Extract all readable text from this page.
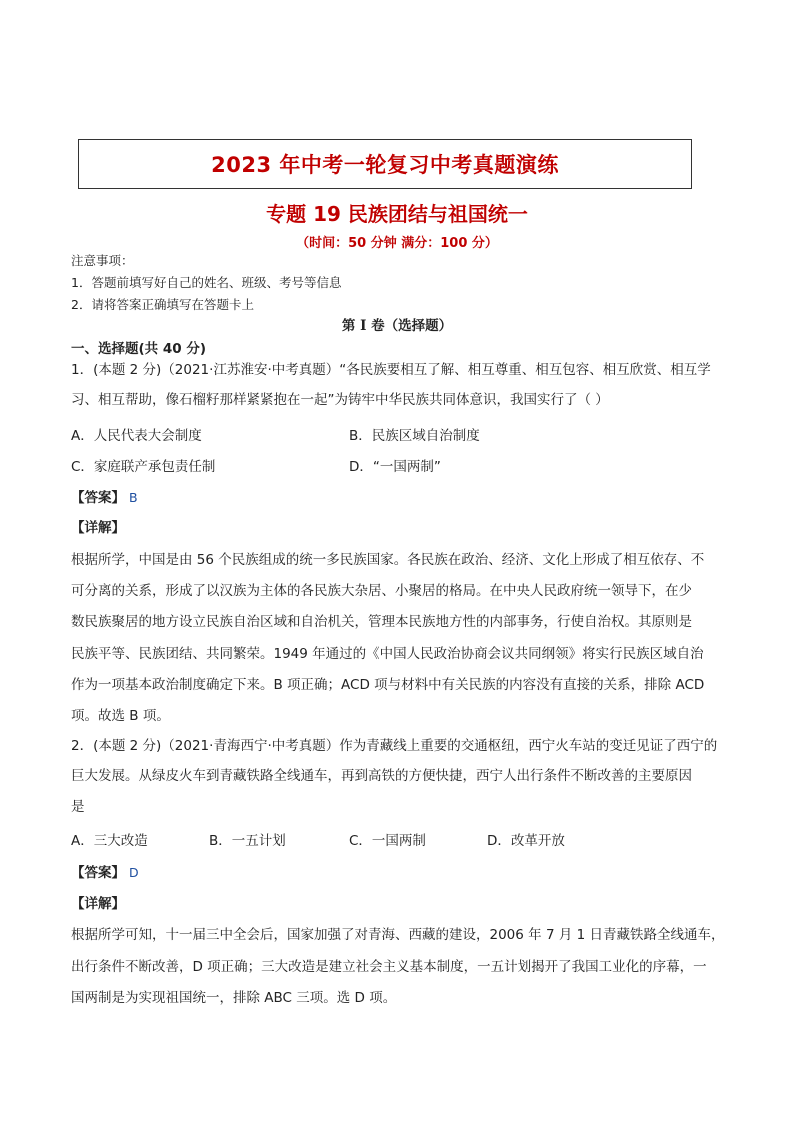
2023 年中考一轮复习中考真题演练
专题 19 民族团结与祖国统一
（时间：50 分钟 满分：100 分）
注意事项：
1．答题前填写好自己的姓名、班级、考号等信息
2．请将答案正确填写在答题卡上
第 I 卷（选择题）
一、选择题(共 40 分)
1．(本题 2 分)（2021·江苏淮安·中考真题）“各民族要相互了解、相互尊重、相互包容、相互欣赏、相互学
习、相互帮助，像石榴籽那样紧紧抱在一起”为铸牢中华民族共同体意识，我国实行了（ ）
A．人民代表大会制度	B．民族区域自治制度
C．家庭联产承包责任制	D．“一国两制”
【答案】 B
【详解】
根据所学，中国是由 56 个民族组成的统一多民族国家。各民族在政治、经济、文化上形成了相互依存、不
可分离的关系，形成了以汉族为主体的各民族大杂居、小聚居的格局。在中央人民政府统一领导下，在少
数民族聚居的地方设立民族自治区域和自治机关，管理本民族地方性的内部事务，行使自治权。其原则是
民族平等、民族团结、共同繁荣。1949 年通过的《中国人民政治协商会议共同纲领》将实行民族区域自治
作为一项基本政治制度确定下来。B 项正确；ACD 项与材料中有关民族的内容没有直接的关系，排除 ACD
项。故选 B 项。
2．(本题 2 分)（2021·青海西宁·中考真题）作为青藏线上重要的交通枢纽，西宁火车站的变迁见证了西宁的
巨大发展。从绿皮火车到青藏铁路全线通车，再到高铁的方便快捷，西宁人出行条件不断改善的主要原因
是
A．三大改造	B．一五计划	C．一国两制	D．改革开放
【答案】 D
【详解】
根据所学可知，十一届三中全会后，国家加强了对青海、西藏的建设，2006 年 7 月 1 日青藏铁路全线通车，
出行条件不断改善，D 项正确；三大改造是建立社会主义基本制度，一五计划揭开了我国工业化的序幕，一
国两制是为实现祖国统一，排除 ABC 三项。选 D 项。
